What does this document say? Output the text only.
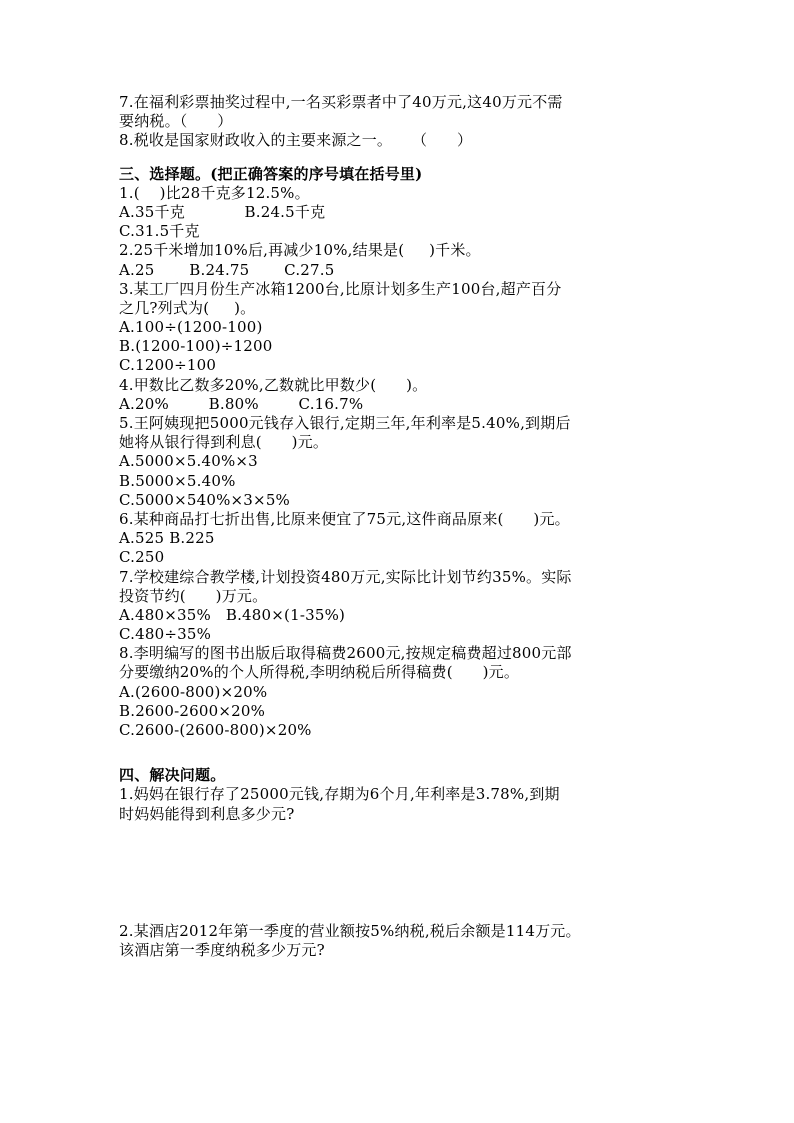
7.在福利彩票抽奖过程中,一名买彩票者中了40万元,这40万元不需
要纳税。（      ）
8.税收是国家财政收入的主要来源之一。    （      ）
三、选择题。(把正确答案的序号填在括号里)
1.(    )比28千克多12.5%。
A.35千克            B.24.5千克
C.31.5千克
2.25千米增加10%后,再减少10%,结果是(     )千米。
A.25       B.24.75       C.27.5
3.某工厂四月份生产冰箱1200台,比原计划多生产100台,超产百分
之几?列式为(     )。
A.100÷(1200-100)
B.(1200-100)÷1200
C.1200÷100
4.甲数比乙数多20%,乙数就比甲数少(      )。
A.20%        B.80%        C.16.7%
5.王阿姨现把5000元钱存入银行,定期三年,年利率是5.40%,到期后
她将从银行得到利息(      )元。
A.5000×5.40%×3
B.5000×5.40%
C.5000×540%×3×5%
6.某种商品打七折出售,比原来便宜了75元,这件商品原来(      )元。
A.525 B.225
C.250
7.学校建综合教学楼,计划投资480万元,实际比计划节约35%。实际
投资节约(      )万元。
A.480×35%   B.480×(1-35%)
C.480÷35%
8.李明编写的图书出版后取得稿费2600元,按规定稿费超过800元部
分要缴纳20%的个人所得税,李明纳税后所得稿费(      )元。
A.(2600-800)×20%
B.2600-2600×20%
C.2600-(2600-800)×20%
四、解决问题。
1.妈妈在银行存了25000元钱,存期为6个月,年利率是3.78%,到期
时妈妈能得到利息多少元?
2.某酒店2012年第一季度的营业额按5%纳税,税后余额是114万元。
该酒店第一季度纳税多少万元?
